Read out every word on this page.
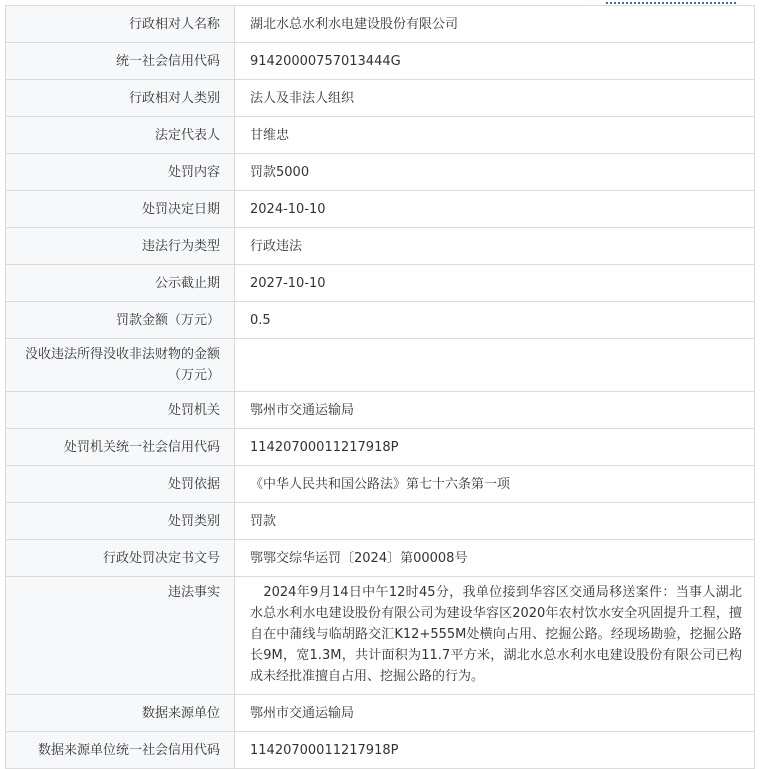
行政相对人名称	湖北水总水利水电建设股份有限公司
统一社会信用代码	91420000757013444G
行政相对人类别	法人及非法人组织
法定代表人	甘维忠
处罚内容	罚款5000
处罚决定日期	2024-10-10
违法行为类型	行政违法
公示截止期	2027-10-10
罚款金额（万元）	0.5
没收违法所得没收非法财物的金额（万元）	
处罚机关	鄂州市交通运输局
处罚机关统一社会信用代码	11420700011217918P
处罚依据	《中华人民共和国公路法》第七十六条第一项
处罚类别	罚款
行政处罚决定书文号	鄂鄂交综华运罚〔2024〕第00008号
违法事实	　2024年9月14日中午12时45分，我单位接到华容区交通局移送案件：当事人湖北水总水利水电建设股份有限公司为建设华容区2020年农村饮水安全巩固提升工程，擅自在中蒲线与临胡路交汇K12+555M处横向占用、挖掘公路。经现场勘验，挖掘公路长9M，宽1.3M，共计面积为11.7平方米，湖北水总水利水电建设股份有限公司已构成未经批准擅自占用、挖掘公路的行为。
数据来源单位	鄂州市交通运输局
数据来源单位统一社会信用代码	11420700011217918P
